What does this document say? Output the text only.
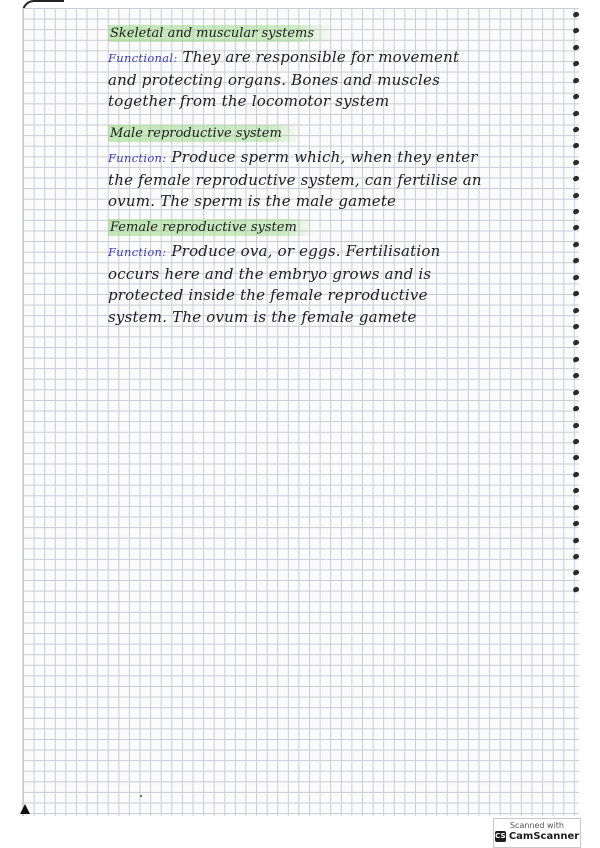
Skeletal and muscular systems
Functional: They are responsible for movement and protecting organs. Bones and muscles together from the locomotor system
Male reproductive system
Function: Produce sperm which, when they enter the female reproductive system, can fertilise an ovum. The sperm is the male gamete
Female reproductive system
Function: Produce ova, or eggs. Fertilisation occurs here and the embryo grows and is protected inside the female reproductive system. The ovum is the female gamete
Scanned with
CS CamScanner
